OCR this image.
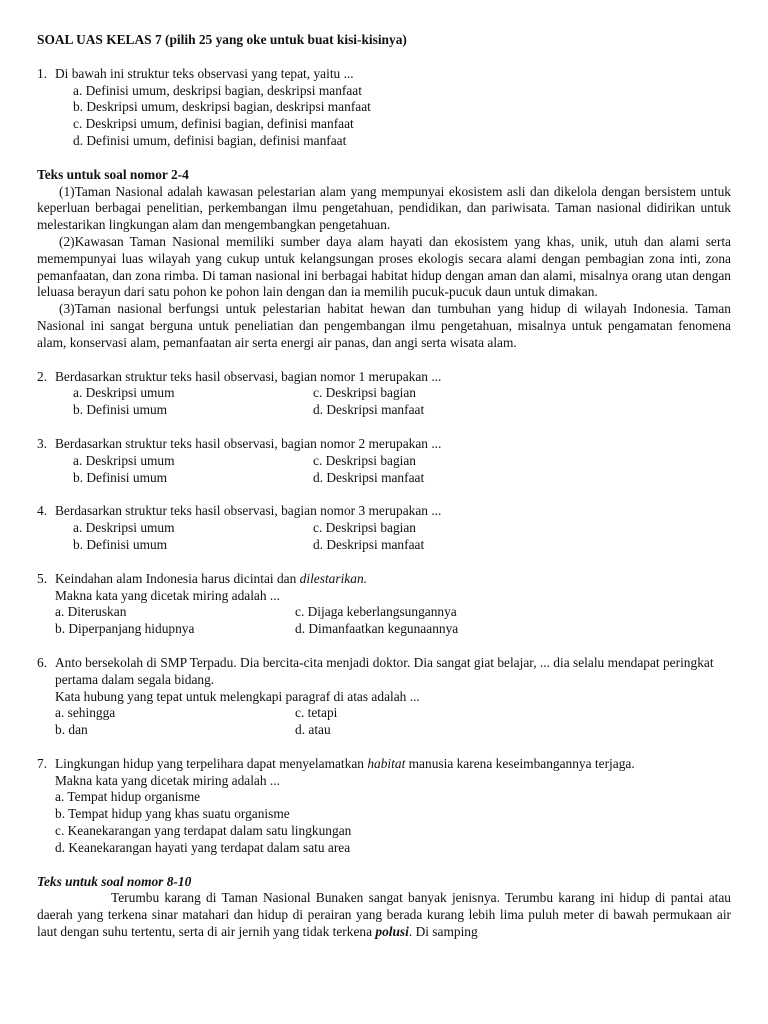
SOAL UAS KELAS 7 (pilih 25 yang oke untuk buat kisi-kisinya)
1. Di bawah ini struktur teks observasi yang tepat, yaitu ...
a. Definisi umum, deskripsi bagian, deskripsi manfaat
b. Deskripsi umum, deskripsi bagian, deskripsi manfaat
c. Deskripsi umum, definisi bagian, definisi manfaat
d. Definisi umum, definisi bagian, definisi manfaat
Teks untuk soal nomor 2-4
(1)Taman Nasional adalah kawasan pelestarian alam yang mempunyai ekosistem asli dan dikelola dengan bersistem untuk keperluan berbagai penelitian, perkembangan ilmu pengetahuan, pendidikan, dan pariwisata. Taman nasional didirikan untuk melestarikan lingkungan alam dan mengembangkan pengetahuan.
(2)Kawasan Taman Nasional memiliki sumber daya alam hayati dan ekosistem yang khas, unik, utuh dan alami serta memempunyai luas wilayah yang cukup untuk kelangsungan proses ekologis secara alami dengan pembagian zona inti, zona pemanfaatan, dan zona rimba. Di taman nasional ini berbagai habitat hidup dengan aman dan alami, misalnya orang utan dengan leluasa berayun dari satu pohon ke pohon lain dengan dan ia memilih pucuk-pucuk daun untuk dimakan.
(3)Taman nasional berfungsi untuk pelestarian habitat hewan dan tumbuhan yang hidup di wilayah Indonesia. Taman Nasional ini sangat berguna untuk peneliatian dan pengembangan ilmu pengetahuan, misalnya untuk pengamatan fenomena alam, konservasi alam, pemanfaatan air serta energi air panas, dan angi serta wisata alam.
2. Berdasarkan struktur teks hasil observasi, bagian nomor 1 merupakan ...
a. Deskripsi umum	c. Deskripsi bagian
b. Definisi umum	d. Deskripsi manfaat
3. Berdasarkan struktur teks hasil observasi, bagian nomor 2 merupakan ...
a. Deskripsi umum	c. Deskripsi bagian
b. Definisi umum	d. Deskripsi manfaat
4. Berdasarkan struktur teks hasil observasi, bagian nomor 3 merupakan ...
a. Deskripsi umum	c. Deskripsi bagian
b. Definisi umum	d. Deskripsi manfaat
5. Keindahan alam Indonesia harus dicintai dan dilestarikan.
Makna kata yang dicetak miring adalah ...
a. Diteruskan	c. Dijaga keberlangsungannya
b. Diperpanjang hidupnya	d. Dimanfaatkan kegunaannya
6. Anto bersekolah di SMP Terpadu. Dia bercita-cita menjadi doktor. Dia sangat giat belajar, ... dia selalu mendapat peringkat pertama dalam segala bidang.
Kata hubung yang tepat untuk melengkapi paragraf di atas adalah ...
a. sehingga	c. tetapi
b. dan	d. atau
7. Lingkungan hidup yang terpelihara dapat menyelamatkan habitat manusia karena keseimbangannya terjaga.
Makna kata yang dicetak miring adalah ...
a. Tempat hidup organisme
b. Tempat hidup yang khas suatu organisme
c. Keanekarangan yang terdapat dalam satu lingkungan
d. Keanekarangan hayati yang terdapat dalam satu area
Teks untuk soal nomor 8-10
Terumbu karang di Taman Nasional Bunaken sangat banyak jenisnya. Terumbu karang ini hidup di pantai atau daerah yang terkena sinar matahari dan hidup di perairan yang berada kurang lebih lima puluh meter di bawah permukaan air laut dengan suhu tertentu, serta di air jernih yang tidak terkena polusi. Di samping
